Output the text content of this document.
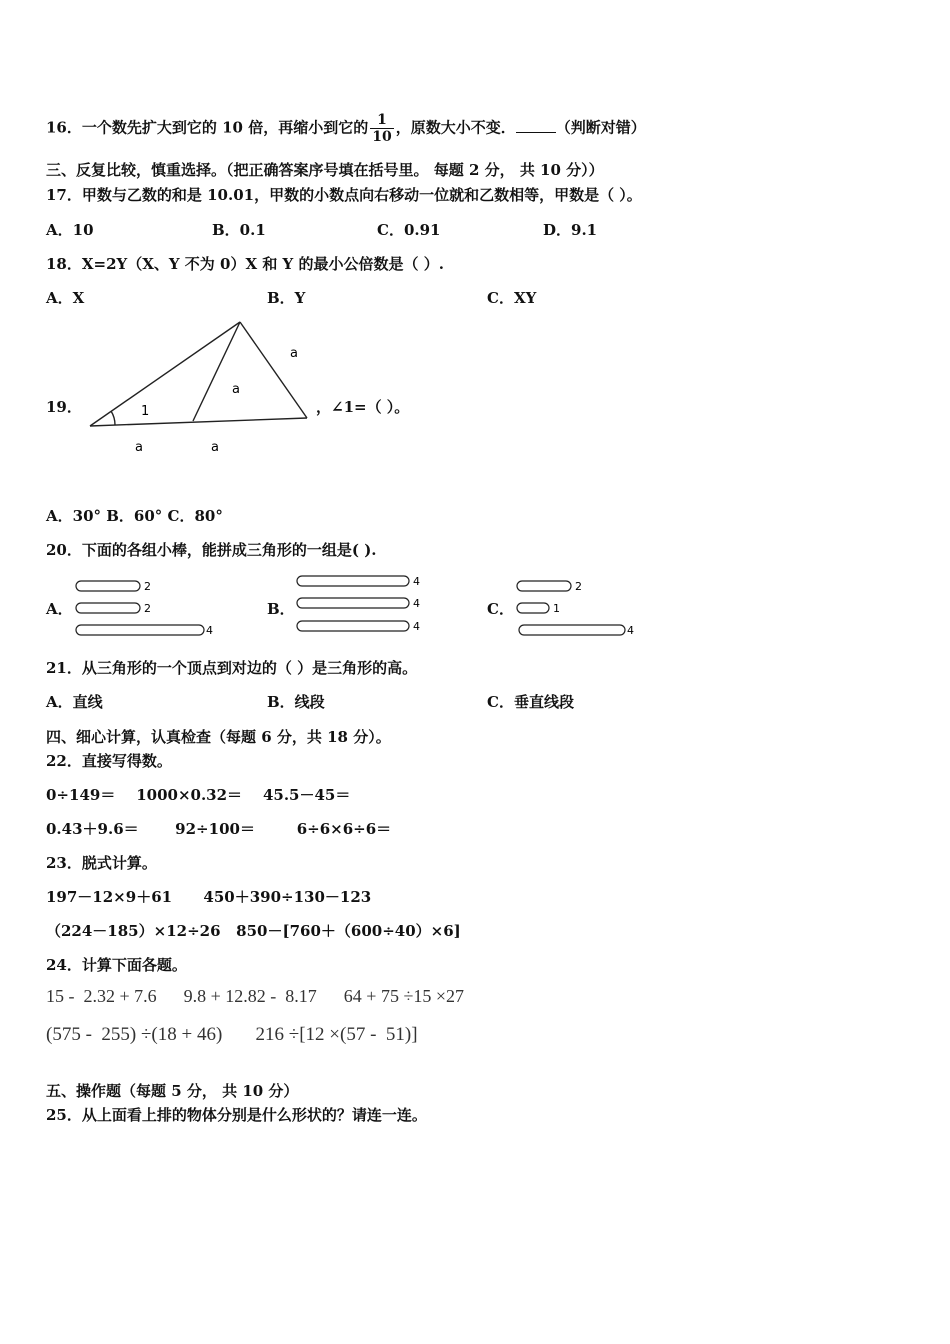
16．一个数先扩大到它的 10 倍，再缩小到它的 $\frac{1}{10}$ ，原数大小不变．	（判断对错）
三、反复比较，慎重选择。（把正确答案序号填在括号里。 每题 2 分， 共 10 分））
17．甲数与乙数的和是 10.01，甲数的小数点向右移动一位就和乙数相等，甲数是（ ）。
A．10	B．0.1	C．0.91	D．9.1
18．X=2Y（X、Y 不为 0）X 和 Y 的最小公倍数是（ ）.
A．X	B．Y	C．XY
19．
a
a
1
a	a
，∠1=（ ）。
A．30° B．60° C．80°
20．下面的各组小棒，能拼成三角形的一组是( ).
A．	B．	C．
2
2
4
4
4
4
2
1
4
21．从三角形的一个顶点到对边的（ ）是三角形的高。
A．直线	B．线段	C．垂直线段
四、细心计算，认真检查（每题 6 分，共 18 分）。
22．直接写得数。
0÷149＝    1000×0.32＝    45.5－45＝
0.43＋9.6＝       92÷100＝        6÷6×6÷6＝
23．脱式计算。
197－12×9＋61      450＋390÷130－123
（224－185）×12÷26   850－[760＋（600÷40）×6]
24．计算下面各题。
15 -  2.32 + 7.6      9.8 + 12.82 -  8.17      64 + 75 ÷15 ×27
(575 -  255) ÷(18 + 46)       216 ÷[12 ×(57 -  51)]
五、操作题（每题 5 分， 共 10 分）
25．从上面看上排的物体分别是什么形状的？请连一连。
